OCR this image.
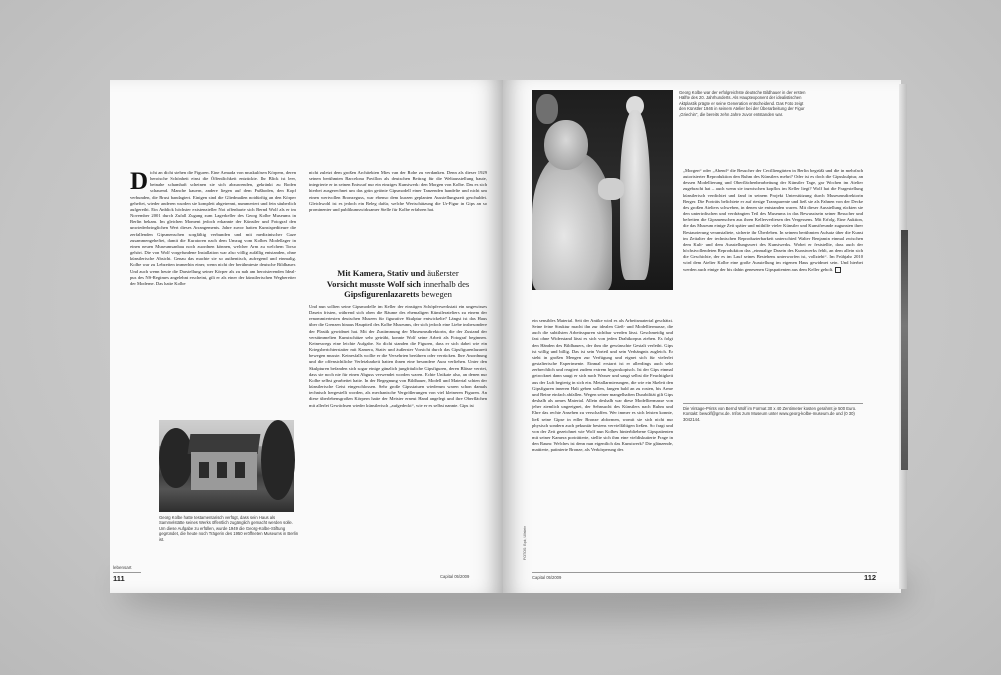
Dicht an dicht stehen die Figuren. Eine Armada von muskulösen Körpern, deren heroische Schönheit einst die Öffentlichkeit entzückte. Ihr Blick ist leer, beinahe schamhaft scheinen sie sich abzuwenden, gekränkt zu Boden schauend. Manche kauern, andere liegen auf dem Fußboden, den Kopf verbunden, die Brust bandagiert. Einigen sind die Gliedmaßen notdürftig an den Körper geheftet, wieder anderen wurden sie komplett abgetrennt, nummeriert und fein säuberlich aufgereiht. Ein Anblick höchster existenzieller Not offenbarte sich Bernd Wolf als er im November 2001 durch Zufall Zugang zum Lagerkeller des Georg Kolbe Museums in Berlin bekam. Im gleichen Moment jedoch erkannte der Künstler und Fotograf den unwiederbringlichen Wert dieses Arrangements. Jahre zuvor hatten Kunstspediteure die zerfallenden Gipsmenschen sorgfältig verbunden und mit medizinischer Gaze zusammengeheftet, damit die Kuratoren nach dem Umzug vom Kolbes Modellager in einen neuen Museumsanbau noch zuordnen können, welcher Arm zu welchem Torso gehört. Die von Wolf vorgefundene Installation war also völlig zufällig entstanden, ohne künstlerische Absicht. Genau das machte sie so authentisch, aufregend und einmalig. Kolbe war zu Lebzeiten immerhin einer, wenn nicht der berühmteste deutsche Bildhauer. Und auch wenn heute die Darstellung seiner Körper als zu nah am heroisierenden Ideal-pus des NS-Regimes angelehnt erscheint, gilt er als einer der künstlerischen Wegbereiter der Moderne. Das hatte Kolbe

Georg Kolbe hatte testamentarisch verfügt, dass sein Haus als Sammelstätte seines Werks öffentlich zugänglich gemacht werden solle. Um diese Aufgabe zu erfüllen, wurde 1949 die Georg-Kolbe-Stiftung gegründet, die heute noch Trägerin des 1950 eröffneten Museums in Berlin ist.

nicht zuletzt dem großen Architekten Mies van der Rohe zu verdanken. Denn als dieser 1929 seinen berühmten Barcelona Pavillon als deutschen Beitrag für die Weltausstellung baute, integrierte er in seinen Entwurf nur ein einziges Kunstwerk: den Morgen von Kolbe. Das es sich hierbei ausgerechnet um das grün getönte Gipsmodell einer Tanzenden handelte und nicht um einen wertvollen Bronzeguss, war ebenso dem kurzen geplanten Ausstellungszeit geschuldet. Gleichwohl ist es jedoch ein Beleg dafür, welche Wertschätzung die Ur-Figur in Gips an so prominenter und publikumswirksamer Stelle für Kolbe erfahren hat.

Mit Kamera, Stativ und äußerster
Vorsicht musste Wolf sich innerhalb des
Gipsfigurenlazaretts bewegen

Und nun sollten seine Gipsmodelle im Keller der einstigen Schöpferwerkstatt ein ungewisses Dasein fristen, während sich oben die Räume des ehemaligen Künstlerateliers zu einem der renommiertesten deutschen Museen für figurative Skulptur entwickelte? Längst ist das Haus über die Grenzen hinaus Hauptteil des Kolbe Museums, der sich jedoch eine Liebe insbesondere der Plastik gewidmet hat. Mit der Zustimmung der Museumsdirektorin, die der Zustand der verstümmelten Kunstschätze sehr getrübt, konnte Wolf seine Arbeit als Fotograf beginnen. Keineswegs eine leichte Aufgabe. So dicht standen die Figuren, dass er sich dabei wie ein Kriegsberichterstatter mit Kamera, Stativ und äußerster Vorsicht durch das Gipsfigurenlazarett bewegen musste. Keinesfalls wollte er die Versehrten berühren oder verrücken. Ihre Anordnung und die offensichtliche Verletzbarkeit hatten ihnen eine besondere Aura verliehen. Unter den Skulpturen befanden sich sogar einige gänzlich jungfräuliche Gipsfiguren, deren Blässe verriet, dass sie noch nie für einen Abguss verwendet worden waren. Echte Unikate also, an denen nur Kolbe selbst gearbeitet hatte. In der Begegnung von Bildhauer, Modell und Material schien der künstlerische Geist eingeschlossen. Sehr große Gipsstatuen wiederum waren schon damals technisch hergestellt worden, als mechanische Vergrößerungen von viel kleineren Figuren. An diese überlebensgroßen Körpern hatte der Meister erneut Hand angelegt und ihre Oberflächen mit allerlei Gewächsen wieder künstlerisch „aufgedeckt“, wie er es selbst nannte. Gips ist

lebensart
111	Capital 05/2009
Georg Kolbe war der erfolgreichste deutsche Bildhauer in der ersten Hälfte des 20. Jahrhunderts. Als Hauptexponent der idealistischen Aktplastik prägte er seine Generation entscheidend. Das Foto zeigt den Künstler 1946 in seinem Atelier bei der Überarbeitung der Figur „Griechin“, die bereits zehn Jahre zuvor entstanden war.
FOTOS: Bpk, Ullstein

ein sensibles Material. Seit der Antike wird es als Arbeitsmaterial geschätzt. Seine feine Struktur macht ihn zur idealen Gieß- und Modelliermasse, die auch die subtilsten Arbeitsspuren sichtbar werden lässt. Geschmeidig und fast ohne Widerstand lässt es sich von jeden Drahtkorpus ziehen. Es folgt den Händen des Bildhauers, der ihm die gewünschte Gestalt verleiht. Gips ist willig und billig. Das ist sein Vorteil und sein Verhängnis zugleich. Er steht in großen Mengen zur Verfügung und eignet sich für vielerlei gestalterische Experimente. Einmal erstarrt ist er allerdings auch sehr zerbrechlich und reagiert zudem extrem hygroskopisch. Ist der Gips einmal getrocknet dann saugt er sich nach Wasser und saugt selbst die Feuchtigkeit aus der Luft begierig in sich ein. Metallarmierungen, die wie ein Skelett den Gipsfiguren inneren Halt geben sollen, fangen bald an zu rosten, bis Arme und Beine einfach abfallen. Wegen seiner mangelhaften Durabilität gilt Gips deshalb als armes Material. Allein deshalb war diese Modelliermasse von jeher ziemlich ungeeignet, der Sehnsucht des Künstlers nach Ruhm und Ehre das rechte Ansehen zu verschaffen. Wer immer es sich leisten konnte, ließ seine Gipse in edler Bronze abformen, womit sie sich nicht nur physisch sondern auch pekuniär bestens vervielfältigen ließen. So fragt und von der Zeit gezeichnet wie Wolf nun Kolbes hinterbliebene Gipspatienten mit seiner Kamera porträtierte, stellte sich ihm eine vieldiskutierte Frage in den Raum: Welches ist denn nun eigentlich das Kunstwerk? Die glänzende, mattierte, patinierte Bronze, als Verkörperung des

„Morgen“ oder „Abend“ die Besucher der Cecilliengärten in Berlin begrüßt und die in mehrfach autorisierter Reproduktion den Ruhm des Künstlers mehrt? Oder ist es doch die Gipsskulptur, an dessen Modellierung und Oberflächenbearbeitung der Künstler Tage, gar Wochen im Atelier zugebracht hat – auch wenn sie inzwischen kopflos im Keller liegt? Wolf hat die Fragestellung künstlerisch verdichtet und fand in seinem Projekt Unterstützung durch Museumsdirektorin Berger. Die Porträts belichtete er auf riesige Transparente und ließ sie als Fahnen von der Decke des großen Ateliers schweben, in denen sie entstanden waren. Mit dieser Ausstellung rückten sie den unterirdischen und verdrängten Teil des Museums in das Bewusstsein seiner Besucher und befreiten die Gipsmenschen aus ihren Kellerverliesen des Vergessens. Mit Erfolg. Eine Auktion, die das Museum einige Zeit später und mithilfe vieler Künstler und Kunstfreunde zugunsten ihrer Restaurierung veranstaltete, sicherte ihr Überleben. In seinem berühmten Aufsatz über die Kunst im Zeitalter der technischen Reproduzierbarkeit unterschied Walter Benjamin einmal zwischen dem Kult- und dem Ausstellungswert des Kunstwerks. Wobei er feststellte, dass auch der höchstvollendeten Reproduktion das „einmalige Dasein des Kunstwerks fehlt, an dem allein sich die Geschichte, der es im Lauf seines Bestehens unterworfen ist, vollzieht“. Im Frühjahr 2010 wird dem Atelier Kolbe eine große Ausstellung im eigenen Haus gewidmet sein. Und hierbei werden auch einige der bis dahin genesenen Gipspatienten aus dem Keller geholt.

Die Vintage-Prints von Bernd Wolf im Format 30 x 40 Zentimeter kosten gerahmt je 500 Euro. Kontakt: bewolf@gmx.de. Infos zum Museum unter www.georg-kolbe-museum.de und (0 30) 3042144.
Capital 05/2009	112
